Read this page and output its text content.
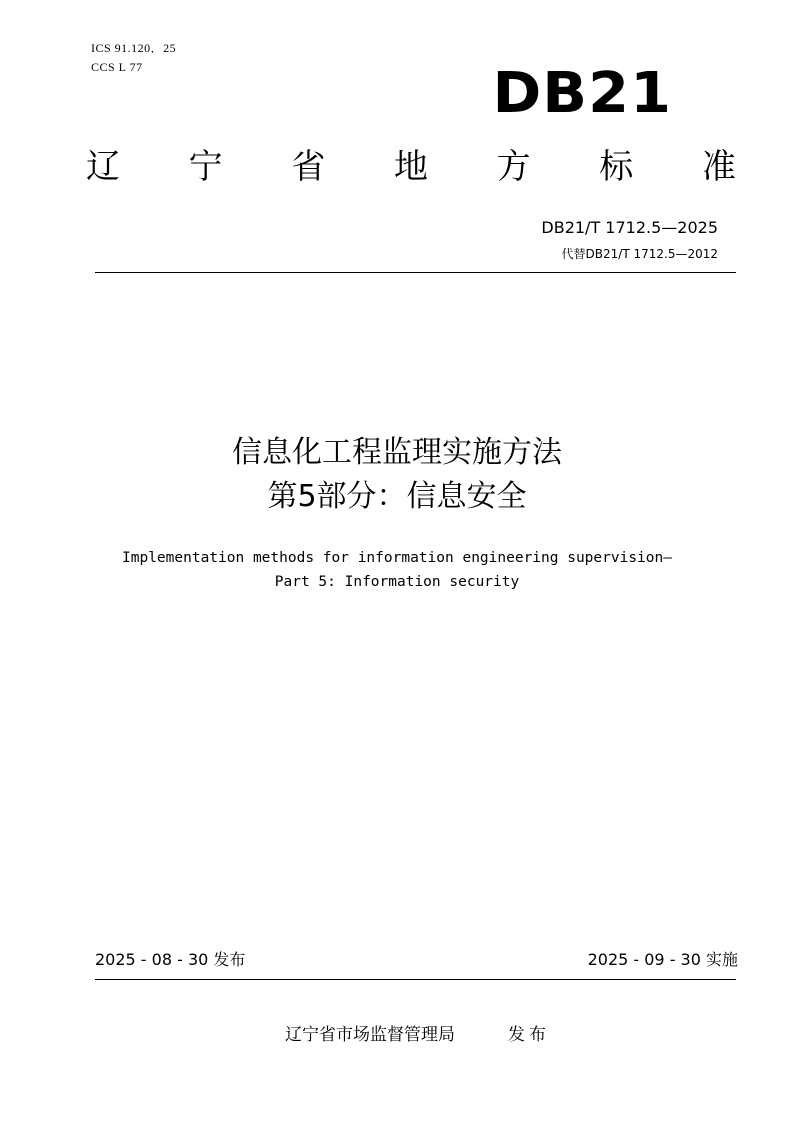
ICS 91.120．25
CCS L 77	DB21
辽 宁 省 地 方 标 准
DB21/T 1712.5—2025
代替DB21/T 1712.5—2012
信息化工程监理实施方法
第5部分：信息安全
Implementation methods for information engineering supervision—
Part 5: Information security
2025 - 08 - 30 发布	2025 - 09 - 30 实施
辽宁省市场监督管理局	发布
